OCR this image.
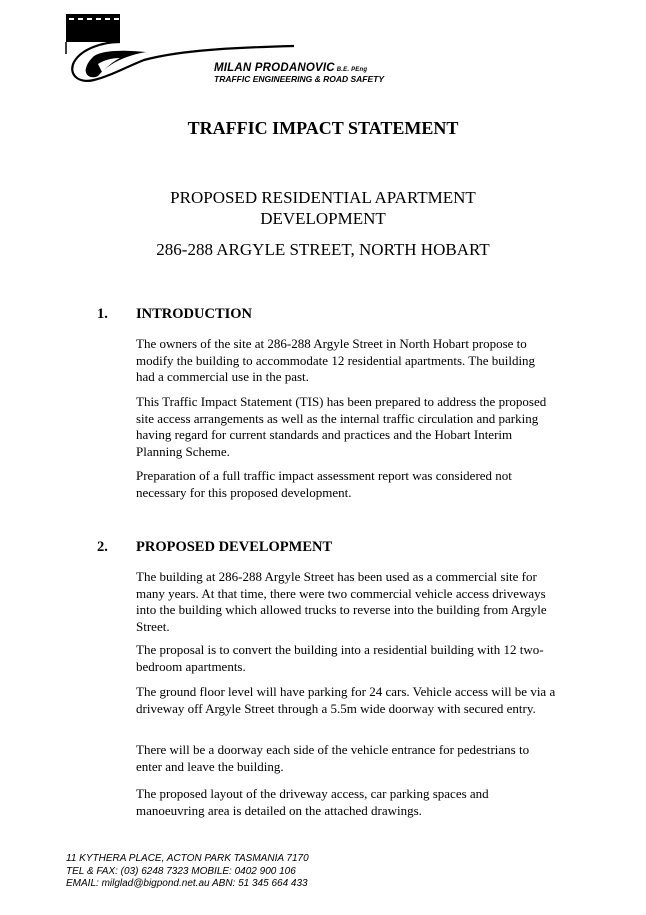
MILAN PRODANOVIC B.E. PEng
TRAFFIC ENGINEERING & ROAD SAFETY
TRAFFIC IMPACT STATEMENT
PROPOSED RESIDENTIAL APARTMENT
DEVELOPMENT
286-288 ARGYLE STREET, NORTH HOBART
1. INTRODUCTION
The owners of the site at 286-288 Argyle Street in North Hobart propose to modify the building to accommodate 12 residential apartments. The building had a commercial use in the past.
This Traffic Impact Statement (TIS) has been prepared to address the proposed site access arrangements as well as the internal traffic circulation and parking having regard for current standards and practices and the Hobart Interim Planning Scheme.
Preparation of a full traffic impact assessment report was considered not necessary for this proposed development.
2. PROPOSED DEVELOPMENT
The building at 286-288 Argyle Street has been used as a commercial site for many years. At that time, there were two commercial vehicle access driveways into the building which allowed trucks to reverse into the building from Argyle Street.
The proposal is to convert the building into a residential building with 12 two-bedroom apartments.
The ground floor level will have parking for 24 cars. Vehicle access will be via a driveway off Argyle Street through a 5.5m wide doorway with secured entry.
There will be a doorway each side of the vehicle entrance for pedestrians to enter and leave the building.
The proposed layout of the driveway access, car parking spaces and manoeuvring area is detailed on the attached drawings.
11 KYTHERA PLACE, ACTON PARK TASMANIA 7170
TEL & FAX: (03) 6248 7323 MOBILE: 0402 900 106
EMAIL: milglad@bigpond.net.au ABN: 51 345 664 433
